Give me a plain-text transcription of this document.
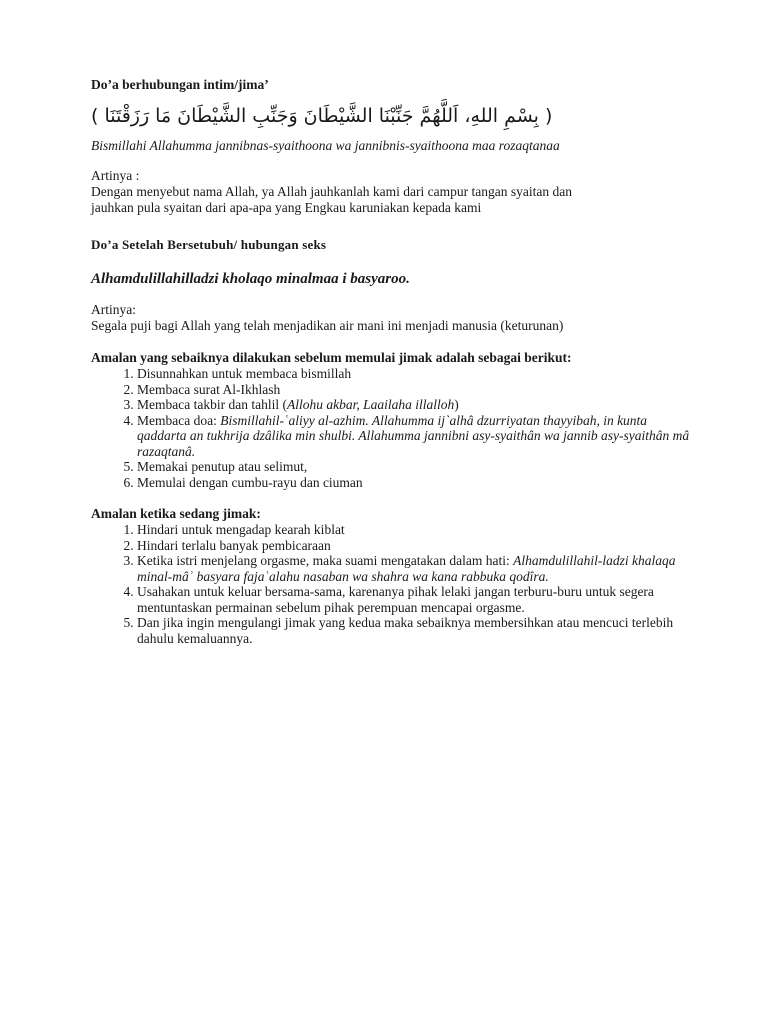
Do’a berhubungan intim/jima’

( بِسْمِ اللهِ، اَللَّهُمَّ جَنِّبْنَا الشَّيْطَانَ وَجَنِّبِ الشَّيْطَانَ مَا رَزَقْتَنَا )

Bismillahi Allahumma jannibnas-syaithoona wa jannibnis-syaithoona maa rozaqtanaa

Artinya :

Dengan menyebut nama Allah, ya Allah jauhkanlah kami dari campur tangan syaitan dan

jauhkan pula syaitan dari apa-apa yang Engkau karuniakan kepada kami

Do’a Setelah Bersetubuh/ hubungan seks

Alhamdulillahilladzi kholaqo minalmaa i basyaroo.

Artinya:

Segala puji bagi Allah yang telah menjadikan air mani ini menjadi manusia (keturunan)

Amalan yang sebaiknya dilakukan sebelum memulai jimak adalah sebagai berikut:

1. Disunnahkan untuk membaca bismillah
2. Membaca surat Al-Ikhlash
3. Membaca takbir dan tahlil (Allohu akbar, Laailaha illalloh)
4. Membaca doa: Bismillahil-ʿaliyy al-azhim. Allahumma ij`alhâ dzurriyatan thayyibah, in kunta qaddarta an tukhrija dzâlika min shulbi. Allahumma jannibni asy-syaithân wa jannib asy-syaithân mâ razaqtanâ.
5. Memakai penutup atau selimut,
6. Memulai dengan cumbu-rayu dan ciuman

Amalan ketika sedang jimak:

1. Hindari untuk mengadap kearah kiblat
2. Hindari terlalu banyak pembicaraan
3. Ketika istri menjelang orgasme, maka suami mengatakan dalam hati: Alhamdulillahil-ladzi khalaqa minal-mâʾ basyara fajaʿalahu nasaban wa shahra wa kana rabbuka qodîra.
4. Usahakan untuk keluar bersama-sama, karenanya pihak lelaki jangan terburu-buru untuk segera mentuntaskan permainan sebelum pihak perempuan mencapai orgasme.
5. Dan jika ingin mengulangi jimak yang kedua maka sebaiknya membersihkan atau mencuci terlebih dahulu kemaluannya.
